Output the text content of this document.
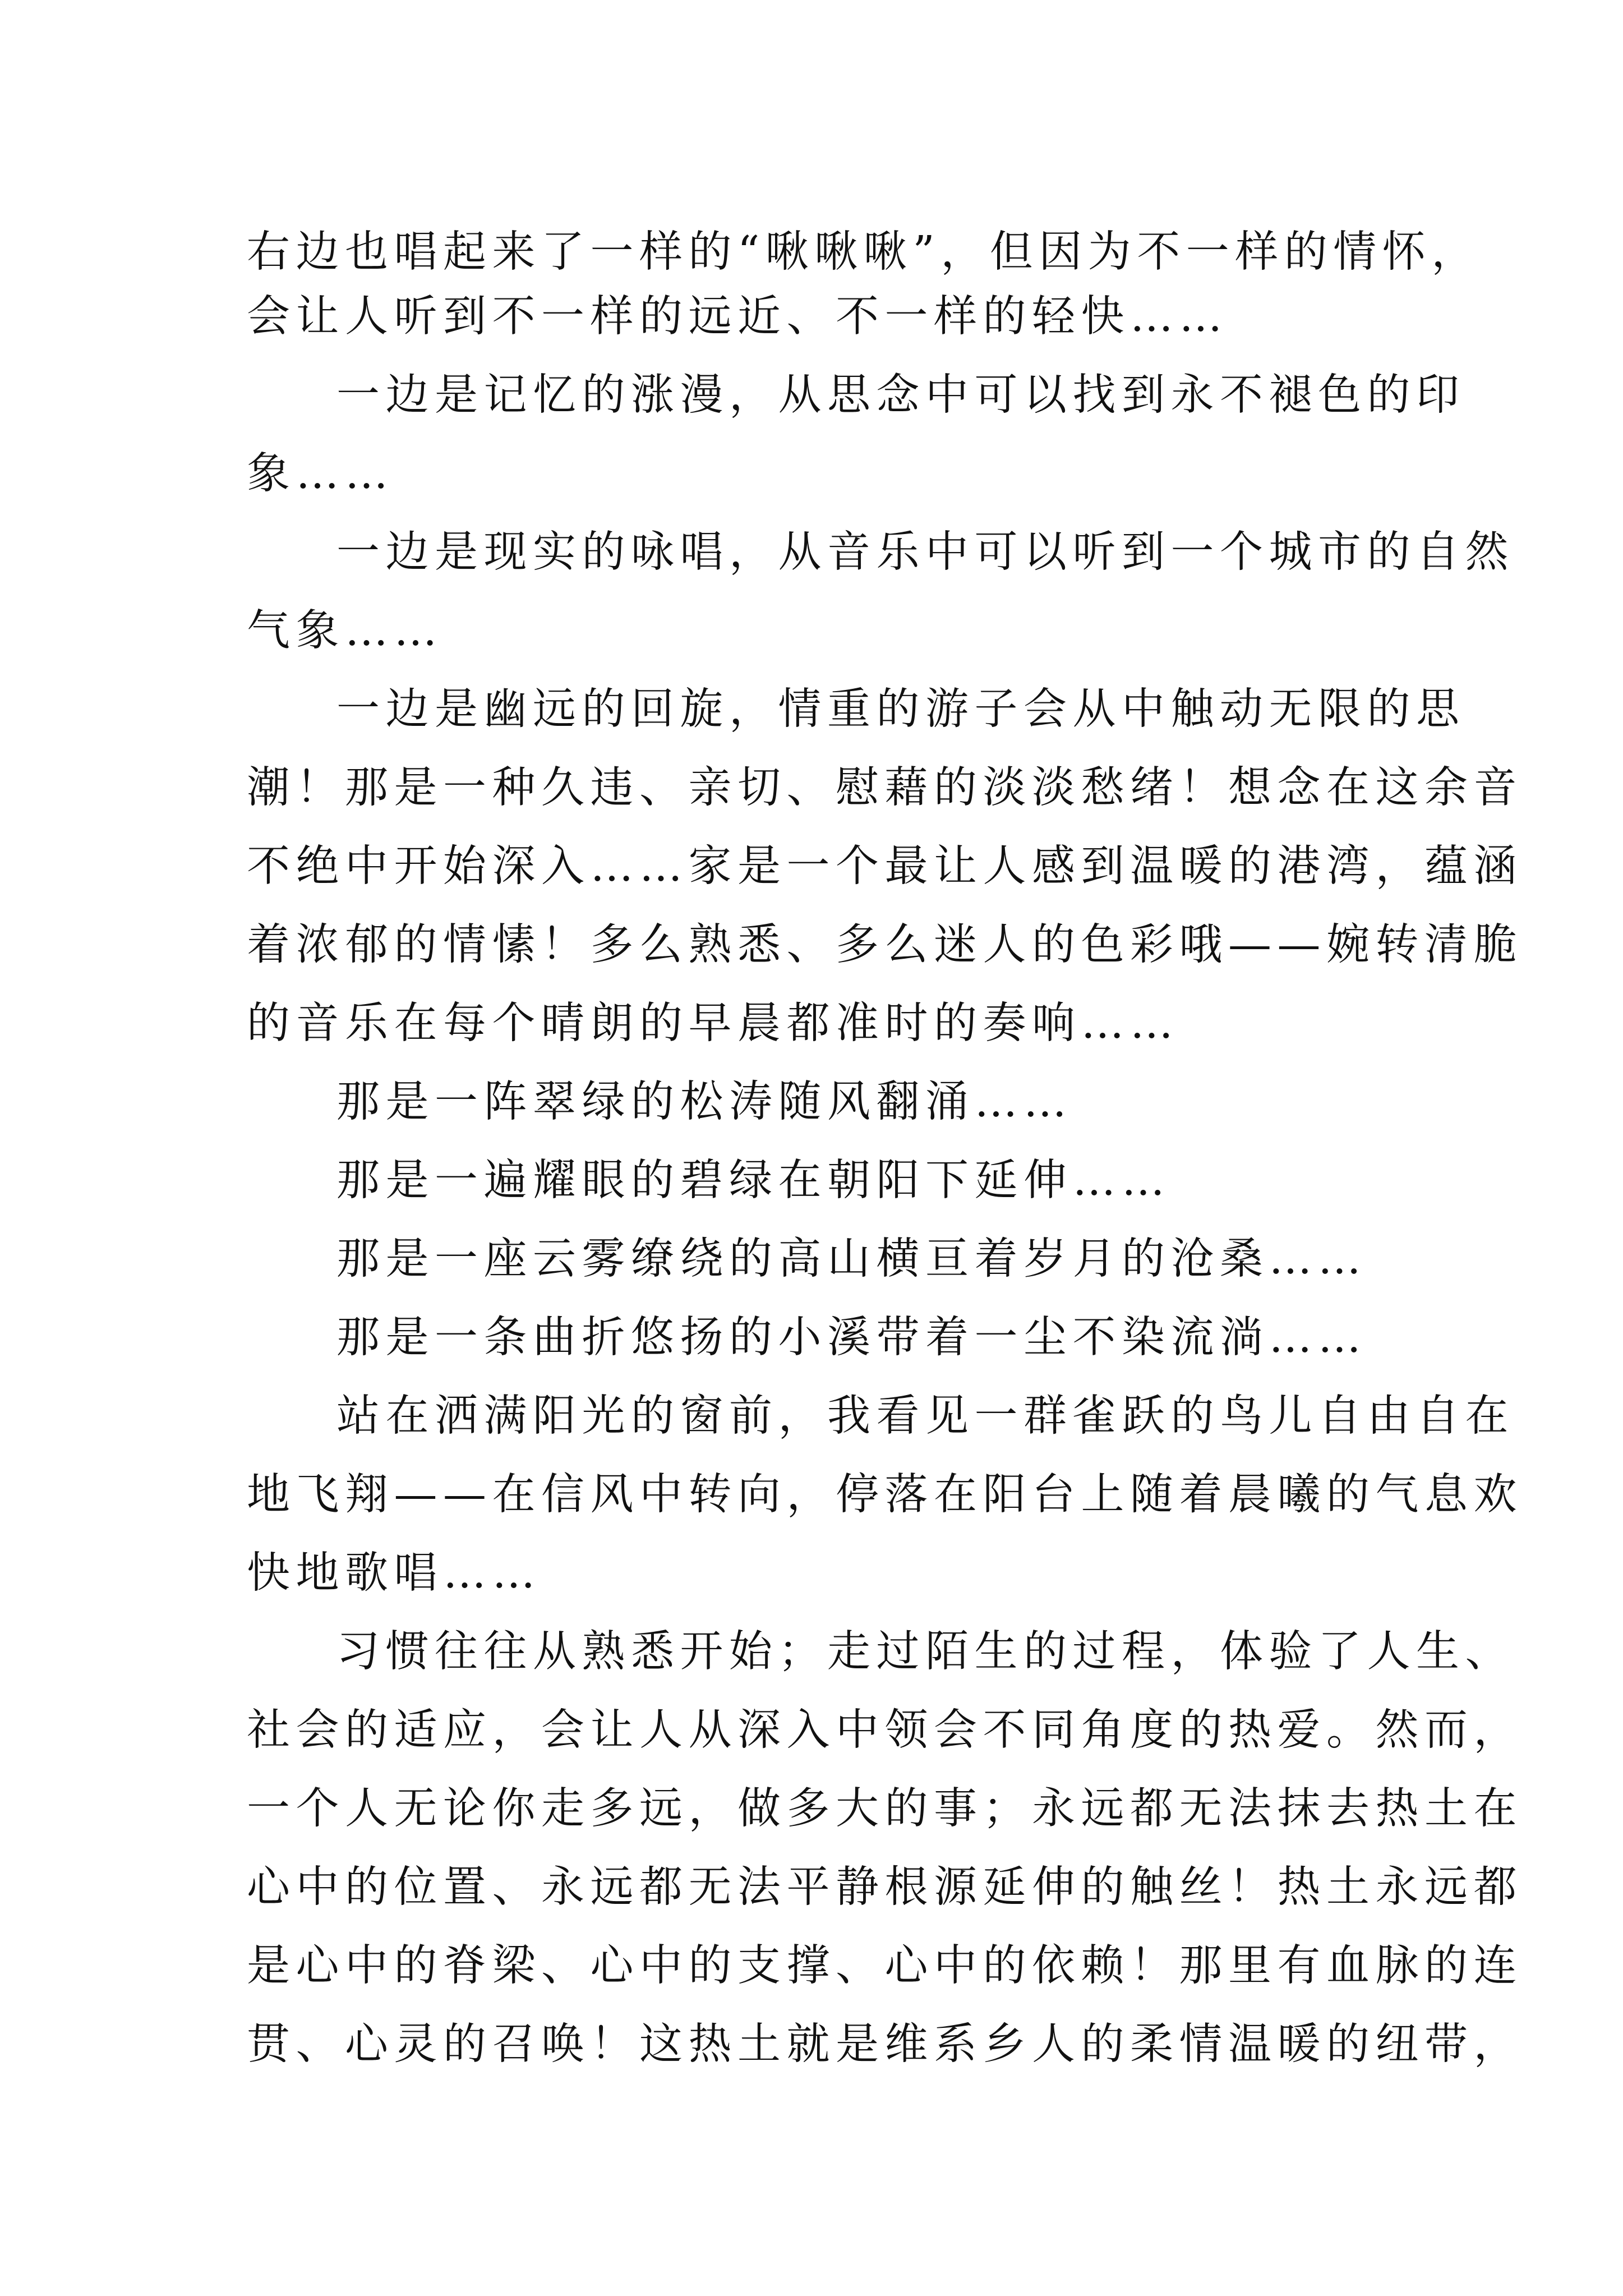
右边也唱起来了一样的“啾啾啾”，但因为不一样的情怀，
会让人听到不一样的远近、不一样的轻快……
一边是记忆的涨漫，从思念中可以找到永不褪色的印
象……
一边是现实的咏唱，从音乐中可以听到一个城市的自然
气象……
一边是幽远的回旋，情重的游子会从中触动无限的思
潮！那是一种久违、亲切、慰藉的淡淡愁绪！想念在这余音
不绝中开始深入……家是一个最让人感到温暖的港湾，蕴涵
着浓郁的情愫！多么熟悉、多么迷人的色彩哦——婉转清脆
的音乐在每个晴朗的早晨都准时的奏响……
那是一阵翠绿的松涛随风翻涌……
那是一遍耀眼的碧绿在朝阳下延伸……
那是一座云雾缭绕的高山横亘着岁月的沧桑……
那是一条曲折悠扬的小溪带着一尘不染流淌……
站在洒满阳光的窗前，我看见一群雀跃的鸟儿自由自在
地飞翔——在信风中转向，停落在阳台上随着晨曦的气息欢
快地歌唱……
习惯往往从熟悉开始；走过陌生的过程，体验了人生、
社会的适应，会让人从深入中领会不同角度的热爱。然而，
一个人无论你走多远，做多大的事；永远都无法抹去热土在
心中的位置、永远都无法平静根源延伸的触丝！热土永远都
是心中的脊梁、心中的支撑、心中的依赖！那里有血脉的连
贯、心灵的召唤！这热土就是维系乡人的柔情温暖的纽带，
